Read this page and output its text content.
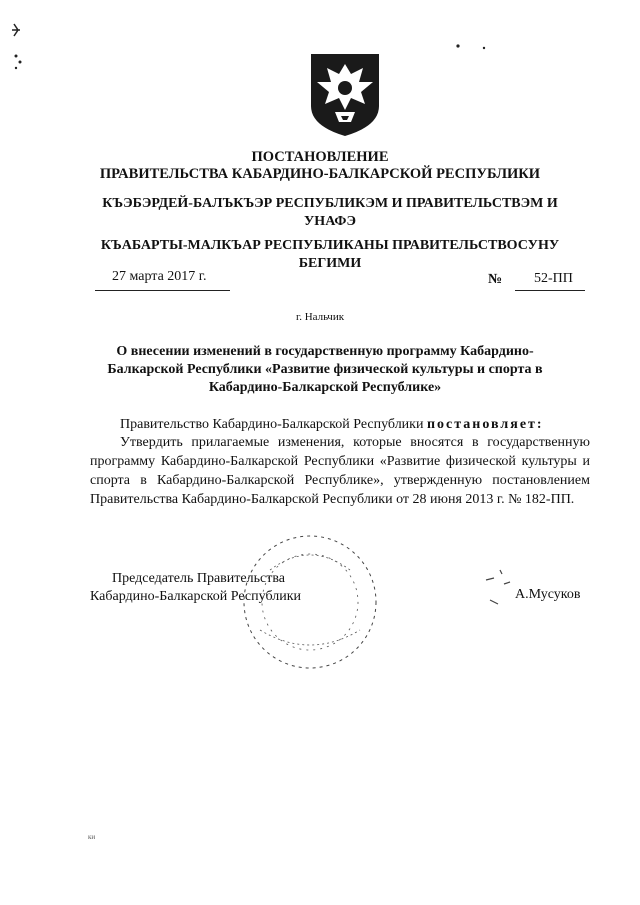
ПОСТАНОВЛЕНИЕ
ПРАВИТЕЛЬСТВА КАБАРДИНО-БАЛКАРСКОЙ РЕСПУБЛИКИ
КЪЭБЭРДЕЙ-БАЛЪКЪЭР РЕСПУБЛИКЭМ И ПРАВИТЕЛЬСТВЭМ И УНАФЭ
КЪАБАРТЫ-МАЛКЪАР РЕСПУБЛИКАНЫ ПРАВИТЕЛЬСТВОСУНУ БЕГИМИ
27 марта 2017 г.	№ 52-ПП
г. Нальчик
О внесении изменений в государственную программу Кабардино-Балкарской Республики «Развитие физической культуры и спорта в Кабардино-Балкарской Республике»
Правительство Кабардино-Балкарской Республики постановляет:
Утвердить прилагаемые изменения, которые вносятся в государственную программу Кабардино-Балкарской Республики «Развитие физической культуры и спорта в Кабардино-Балкарской Республике», утвержденную постановлением Правительства Кабардино-Балкарской Республики от 28 июня 2013 г. № 182-ПП.
Председатель Правительства
Кабардино-Балкарской Республики	А.Мусуков
ки
